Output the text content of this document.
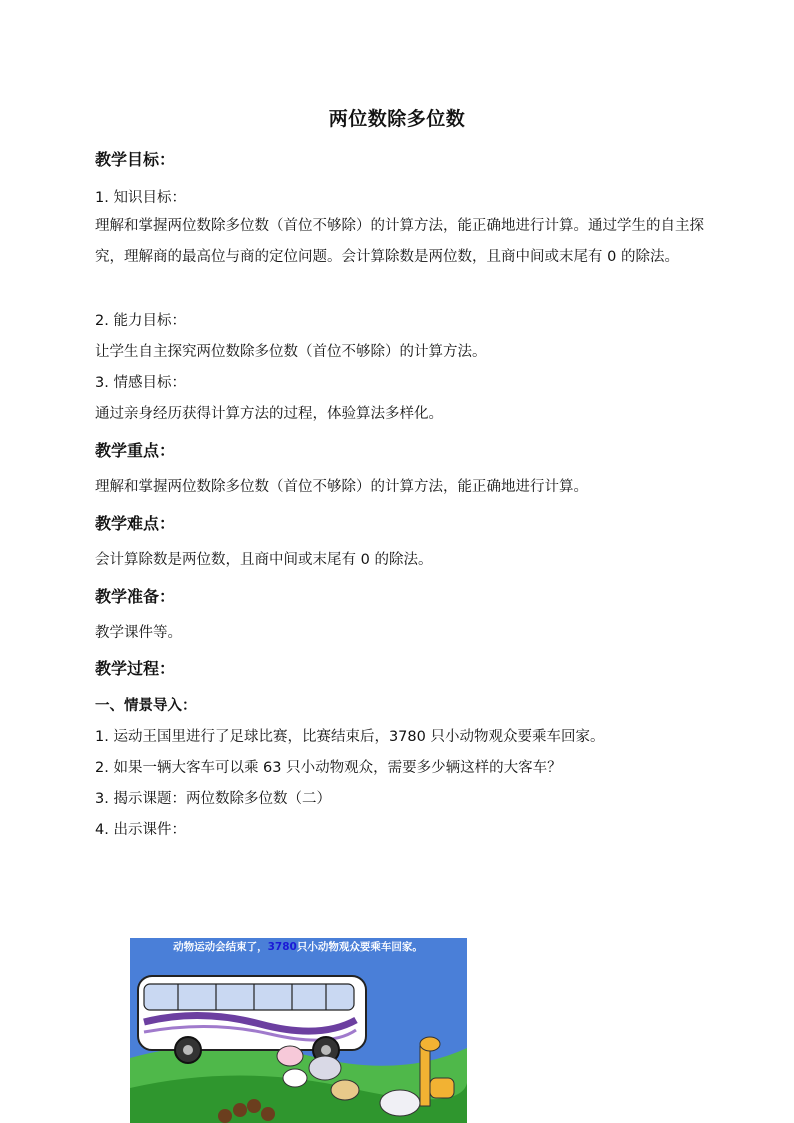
两位数除多位数
教学目标：
1. 知识目标：
理解和掌握两位数除多位数（首位不够除）的计算方法，能正确地进行计算。通过学生的自主探究，理解商的最高位与商的定位问题。会计算除数是两位数，且商中间或末尾有 0 的除法。
2. 能力目标：
让学生自主探究两位数除多位数（首位不够除）的计算方法。
3. 情感目标：
通过亲身经历获得计算方法的过程，体验算法多样化。
教学重点：
理解和掌握两位数除多位数（首位不够除）的计算方法，能正确地进行计算。
教学难点：
会计算除数是两位数，且商中间或末尾有 0 的除法。
教学准备：
教学课件等。
教学过程：
一、情景导入：
1. 运动王国里进行了足球比赛，比赛结束后，3780 只小动物观众要乘车回家。
2. 如果一辆大客车可以乘 63 只小动物观众，需要多少辆这样的大客车？
3. 揭示课题：两位数除多位数（二）
4. 出示课件：
动物运动会结束了，3780只小动物观众要乘车回家。
